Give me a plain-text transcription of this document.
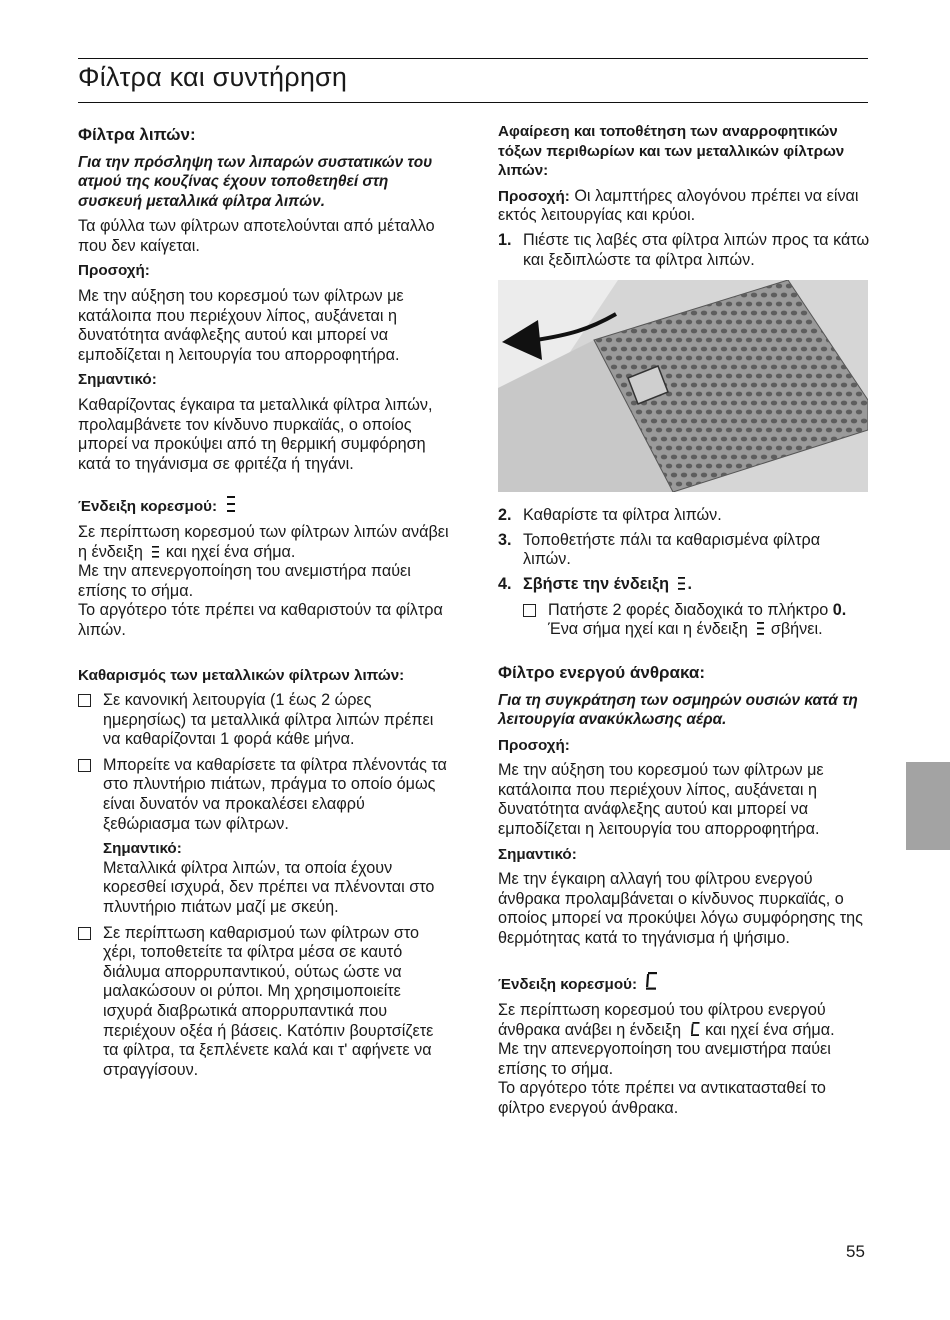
Φίλτρα και συντήρηση
Φίλτρα λιπών:
Για την πρόσληψη των λιπαρών συστατικών του ατμού της κουζίνας έχουν τοποθετηθεί στη συσκευή μεταλλικά φίλτρα λιπών.
Τα φύλλα των φίλτρων αποτελούνται από μέταλλο που δεν καίγεται.
Προσοχή:
Με την αύξηση του κορεσμού των φίλτρων με κατάλοιπα που περιέχουν λίπος, αυξάνεται η δυνατότητα ανάφλεξης αυτού και μπορεί να εμποδίζεται η λειτουργία του απορροφητήρα.
Σημαντικό:
Καθαρίζοντας έγκαιρα τα μεταλλικά φίλτρα λιπών, προλαμβάνετε τον κίνδυνο πυρκαϊάς, ο οποίος μπορεί να προκύψει από τη θερμική συμφόρηση κατά το τηγάνισμα σε φριτέζα ή τηγάνι.
Ένδειξη κορεσμού:
Σε περίπτωση κορεσμού των φίλτρων λιπών ανάβει η ένδειξη και ηχεί ένα σήμα.
Με την απενεργοποίηση του ανεμιστήρα παύει επίσης το σήμα.
Το αργότερο τότε πρέπει να καθαριστούν τα φίλτρα λιπών.
Καθαρισμός των μεταλλικών φίλτρων λιπών:
Σε κανονική λειτουργία (1 έως 2 ώρες ημερησίως) τα μεταλλικά φίλτρα λιπών πρέπει να καθαρίζονται 1 φορά κάθε μήνα.
Μπορείτε να καθαρίσετε τα φίλτρα πλένοντάς τα στο πλυντήριο πιάτων, πράγμα το οποίο όμως είναι δυνατόν να προκαλέσει ελαφρύ ξεθώριασμα των φίλτρων.
Σημαντικό:
Μεταλλικά φίλτρα λιπών, τα οποία έχουν κορεσθεί ισχυρά, δεν πρέπει να πλένονται στο πλυντήριο πιάτων μαζί με σκεύη.
Σε περίπτωση καθαρισμού των φίλτρων στο χέρι, τοποθετείτε τα φίλτρα μέσα σε καυτό διάλυμα απορρυπαντικού, ούτως ώστε να μαλακώσουν οι ρύποι. Μη χρησιμοποιείτε ισχυρά διαβρωτικά απορρυπαντικά που περιέχουν οξέα ή βάσεις. Κατόπιν βουρτσίζετε τα φίλτρα, τα ξεπλένετε καλά και τ' αφήνετε να στραγγίσουν.
Αφαίρεση και τοποθέτηση των αναρροφητικών τόξων περιθωρίων και των μεταλλικών φίλτρων λιπών:
Προσοχή: Οι λαμπτήρες αλογόνου πρέπει να είναι εκτός λειτουργίας και κρύοι.
1. Πιέστε τις λαβές στα φίλτρα λιπών προς τα κάτω και ξεδιπλώστε τα φίλτρα λιπών.
2. Καθαρίστε τα φίλτρα λιπών.
3. Τοποθετήστε πάλι τα καθαρισμένα φίλτρα λιπών.
4. Σβήστε την ένδειξη .
Πατήστε 2 φορές διαδοχικά το πλήκτρο 0. Ένα σήμα ηχεί και η ένδειξη σβήνει.
Φίλτρο ενεργού άνθρακα:
Για τη συγκράτηση των οσμηρών ουσιών κατά τη λειτουργία ανακύκλωσης αέρα.
Προσοχή:
Με την αύξηση του κορεσμού των φίλτρων με κατάλοιπα που περιέχουν λίπος, αυξάνεται η δυνατότητα ανάφλεξης αυτού και μπορεί να εμποδίζεται η λειτουργία του απορροφητήρα.
Σημαντικό:
Με την έγκαιρη αλλαγή του φίλτρου ενεργού άνθρακα προλαμβάνεται ο κίνδυνος πυρκαϊάς, ο οποίος μπορεί να προκύψει λόγω συμφόρησης της θερμότητας κατά το τηγάνισμα ή ψήσιμο.
Ένδειξη κορεσμού:
Σε περίπτωση κορεσμού του φίλτρου ενεργού άνθρακα ανάβει η ένδειξη και ηχεί ένα σήμα.
Με την απενεργοποίηση του ανεμιστήρα παύει επίσης το σήμα.
Το αργότερο τότε πρέπει να αντικατασταθεί το φίλτρο ενεργού άνθρακα.
55
